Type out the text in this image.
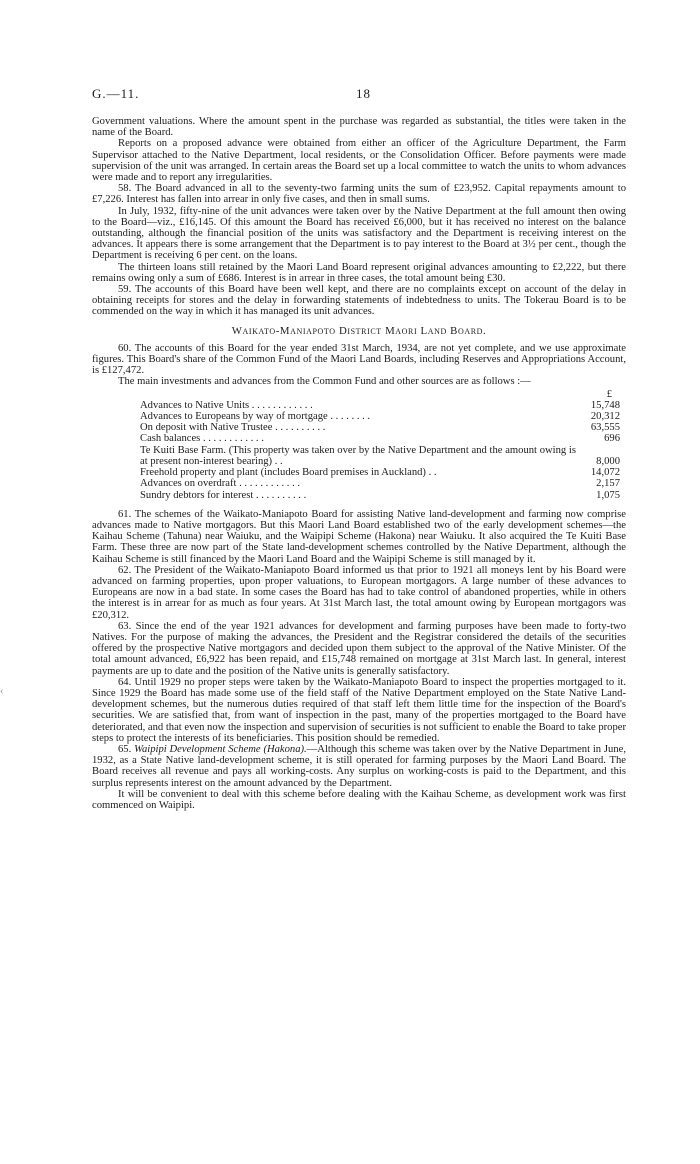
G.—11.	18
‹

Government valuations. Where the amount spent in the purchase was regarded as substantial, the titles were taken in the name of the Board.

Reports on a proposed advance were obtained from either an officer of the Agriculture Department, the Farm Supervisor attached to the Native Department, local residents, or the Consolidation Officer. Before payments were made supervision of the unit was arranged. In certain areas the Board set up a local committee to watch the units to whom advances were made and to report any irregularities.

58. The Board advanced in all to the seventy-two farming units the sum of £23,952. Capital repayments amount to £7,226. Interest has fallen into arrear in only five cases, and then in small sums.

In July, 1932, fifty-nine of the unit advances were taken over by the Native Department at the full amount then owing to the Board—viz., £16,145. Of this amount the Board has received £6,000, but it has received no interest on the balance outstanding, although the financial position of the units was satisfactory and the Department is receiving interest on the advances. It appears there is some arrangement that the Department is to pay interest to the Board at 3½ per cent., though the Department is receiving 6 per cent. on the loans.

The thirteen loans still retained by the Maori Land Board represent original advances amounting to £2,222, but there remains owing only a sum of £686. Interest is in arrear in three cases, the total amount being £30.

59. The accounts of this Board have been well kept, and there are no complaints except on account of the delay in obtaining receipts for stores and the delay in forwarding statements of indebtedness to units. The Tokerau Board is to be commended on the way in which it has managed its unit advances.

Waikato-Maniapoto District Maori Land Board.

60. The accounts of this Board for the year ended 31st March, 1934, are not yet complete, and we use approximate figures. This Board's share of the Common Fund of the Maori Land Boards, including Reserves and Appropriations Account, is £127,472.

The main investments and advances from the Common Fund and other sources are as follows :—

£
Advances to Native Units . . . . . . . . . . . .	15,748
Advances to Europeans by way of mortgage . . . . . . . .	20,312
On deposit with Native Trustee . . . . . . . . . .	63,555
Cash balances . . . . . . . . . . . .	696
Te Kuiti Base Farm. (This property was taken over by the Native Department and the amount owing is at present non-interest bearing) . .	8,000
Freehold property and plant (includes Board premises in Auckland) . .	14,072
Advances on overdraft . . . . . . . . . . . .	2,157
Sundry debtors for interest . . . . . . . . . .	1,075

61. The schemes of the Waikato-Maniapoto Board for assisting Native land-development and farming now comprise advances made to Native mortgagors. But this Maori Land Board established two of the early development schemes—the Kaihau Scheme (Tahuna) near Waiuku, and the Waipipi Scheme (Hakona) near Waiuku. It also acquired the Te Kuiti Base Farm. These three are now part of the State land-development schemes controlled by the Native Department, although the Kaihau Scheme is still financed by the Maori Land Board and the Waipipi Scheme is still managed by it.

62. The President of the Waikato-Maniapoto Board informed us that prior to 1921 all moneys lent by his Board were advanced on farming properties, upon proper valuations, to European mortgagors. A large number of these advances to Europeans are now in a bad state. In some cases the Board has had to take control of abandoned properties, while in others the interest is in arrear for as much as four years. At 31st March last, the total amount owing by European mortgagors was £20,312.

63. Since the end of the year 1921 advances for development and farming purposes have been made to forty-two Natives. For the purpose of making the advances, the President and the Registrar considered the details of the securities offered by the prospective Native mortgagors and decided upon them subject to the approval of the Native Minister. Of the total amount advanced, £6,922 has been repaid, and £15,748 remained on mortgage at 31st March last. In general, interest payments are up to date and the position of the Native units is generally satisfactory.

64. Until 1929 no proper steps were taken by the Waikato-Maniapoto Board to inspect the properties mortgaged to it. Since 1929 the Board has made some use of the field staff of the Native Department employed on the State Native Land-development schemes, but the numerous duties required of that staff left them little time for the inspection of the Board's securities. We are satisfied that, from want of inspection in the past, many of the properties mortgaged to the Board have deteriorated, and that even now the inspection and supervision of securities is not sufficient to enable the Board to take proper steps to protect the interests of its beneficiaries. This position should be remedied.

65. Waipipi Development Scheme (Hakona).—Although this scheme was taken over by the Native Department in June, 1932, as a State Native land-development scheme, it is still operated for farming purposes by the Maori Land Board. The Board receives all revenue and pays all working-costs. Any surplus on working-costs is paid to the Department, and this surplus represents interest on the amount advanced by the Department.

It will be convenient to deal with this scheme before dealing with the Kaihau Scheme, as development work was first commenced on Waipipi.
